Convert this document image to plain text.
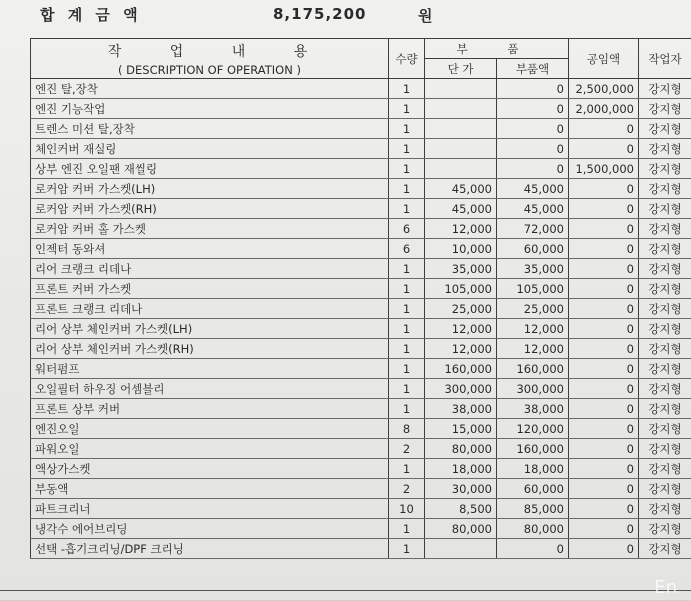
합 계 금 액	8,175,200	원
작 업 내 용
( DESCRIPTION OF OPERATION )	수량	부 품		공임액	작업자
		단 가	부품액		
엔진 탈,장착	1		0	2,500,000	강지형
엔진 기능작업	1		0	2,000,000	강지형
트렌스 미션 탈,장착	1		0	0	강지형
체인커버 재실링	1		0	0	강지형
상부 엔진 오일팬 재씰링	1		0	1,500,000	강지형
로커암 커버 가스켓(LH)	1	45,000	45,000	0	강지형
로커암 커버 가스켓(RH)	1	45,000	45,000	0	강지형
로커암 커버 홀 가스켓	6	12,000	72,000	0	강지형
인젝터 동와셔	6	10,000	60,000	0	강지형
리어 크랭크 리데나	1	35,000	35,000	0	강지형
프론트 커버 가스켓	1	105,000	105,000	0	강지형
프론트 크랭크 리데나	1	25,000	25,000	0	강지형
리어 상부 체인커버 가스켓(LH)	1	12,000	12,000	0	강지형
리어 상부 체인커버 가스켓(RH)	1	12,000	12,000	0	강지형
워터펌프	1	160,000	160,000	0	강지형
오일필터 하우징 어셈블리	1	300,000	300,000	0	강지형
프론트 상부 커버	1	38,000	38,000	0	강지형
엔진오일	8	15,000	120,000	0	강지형
파워오일	2	80,000	160,000	0	강지형
액상가스켓	1	18,000	18,000	0	강지형
부동액	2	30,000	60,000	0	강지형
파트크리너	10	8,500	85,000	0	강지형
냉각수 에어브리딩	1	80,000	80,000	0	강지형
선택 -흡기크리닝/DPF 크리닝	1		0	0	강지형
En
